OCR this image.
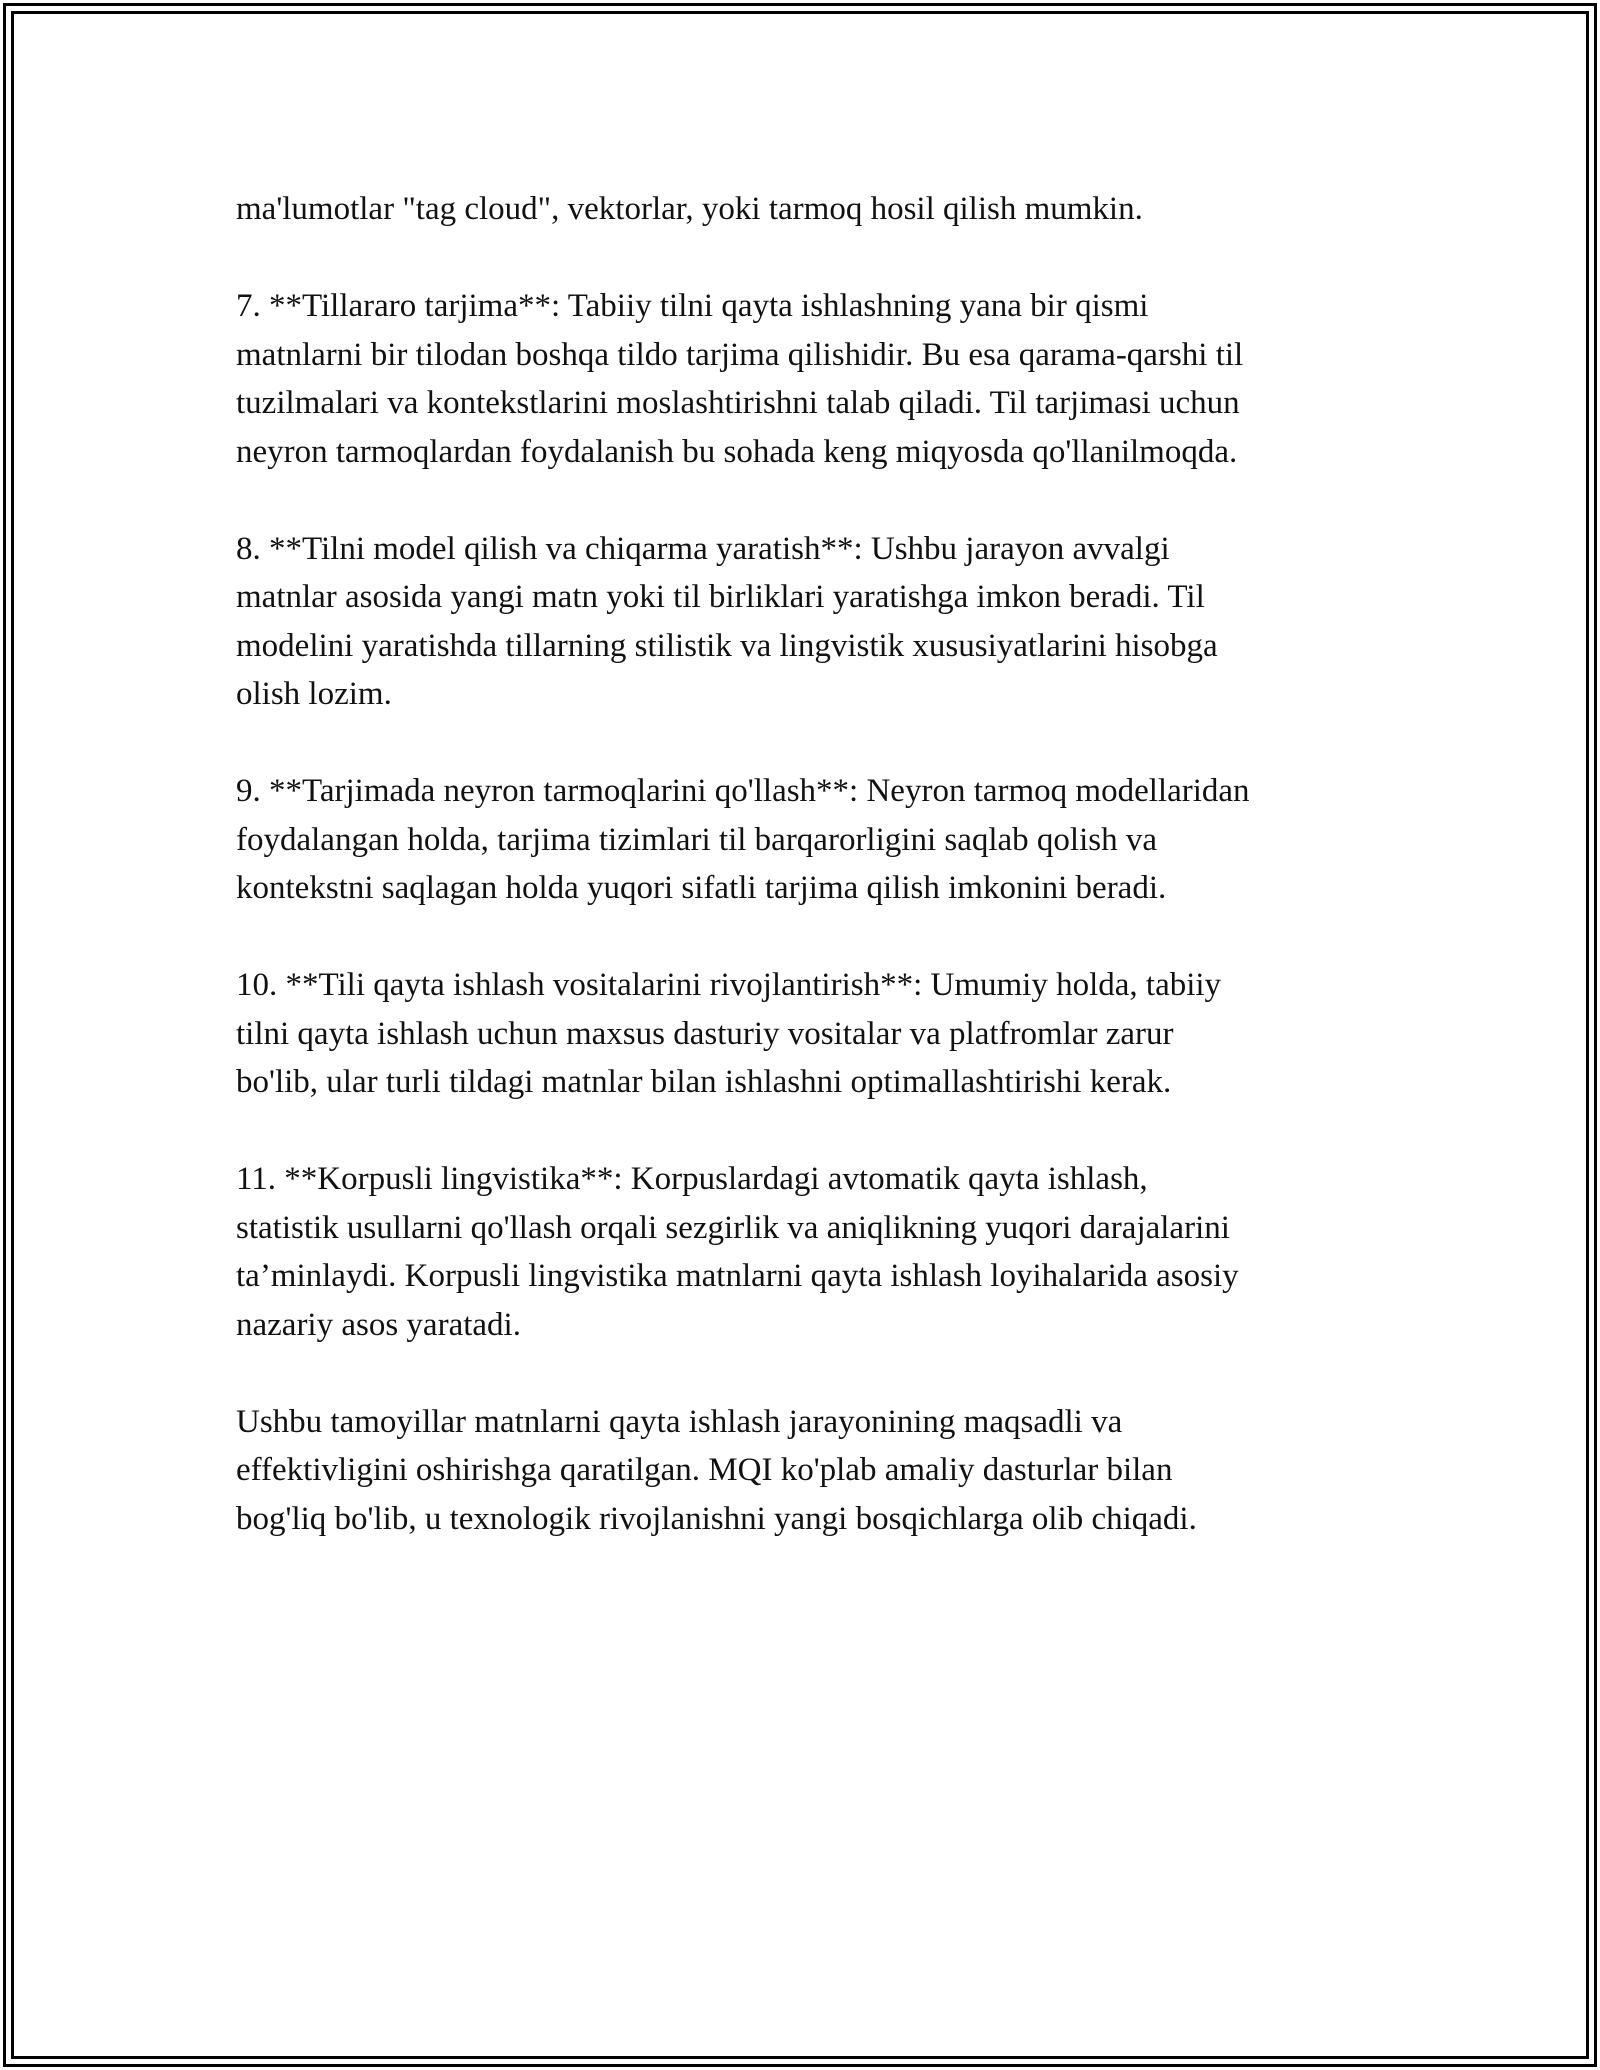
ma'lumotlar "tag cloud", vektorlar, yoki tarmoq hosil qilish mumkin.

7. **Tillararo tarjima**: Tabiiy tilni qayta ishlashning yana bir qismi
matnlarni bir tilodan boshqa tildo tarjima qilishidir. Bu esa qarama-qarshi til
tuzilmalari va kontekstlarini moslashtirishni talab qiladi. Til tarjimasi uchun
neyron tarmoqlardan foydalanish bu sohada keng miqyosda qo'llanilmoqda.

8. **Tilni model qilish va chiqarma yaratish**: Ushbu jarayon avvalgi
matnlar asosida yangi matn yoki til birliklari yaratishga imkon beradi. Til
modelini yaratishda tillarning stilistik va lingvistik xususiyatlarini hisobga
olish lozim.

9. **Tarjimada neyron tarmoqlarini qo'llash**: Neyron tarmoq modellaridan
foydalangan holda, tarjima tizimlari til barqarorligini saqlab qolish va
kontekstni saqlagan holda yuqori sifatli tarjima qilish imkonini beradi.

10. **Tili qayta ishlash vositalarini rivojlantirish**: Umumiy holda, tabiiy
tilni qayta ishlash uchun maxsus dasturiy vositalar va platfromlar zarur
bo'lib, ular turli tildagi matnlar bilan ishlashni optimallashtirishi kerak.

11. **Korpusli lingvistika**: Korpuslardagi avtomatik qayta ishlash,
statistik usullarni qo'llash orqali sezgirlik va aniqlikning yuqori darajalarini
ta’minlaydi. Korpusli lingvistika matnlarni qayta ishlash loyihalarida asosiy
nazariy asos yaratadi.

Ushbu tamoyillar matnlarni qayta ishlash jarayonining maqsadli va
effektivligini oshirishga qaratilgan. MQI ko'plab amaliy dasturlar bilan
bog'liq bo'lib, u texnologik rivojlanishni yangi bosqichlarga olib chiqadi.
